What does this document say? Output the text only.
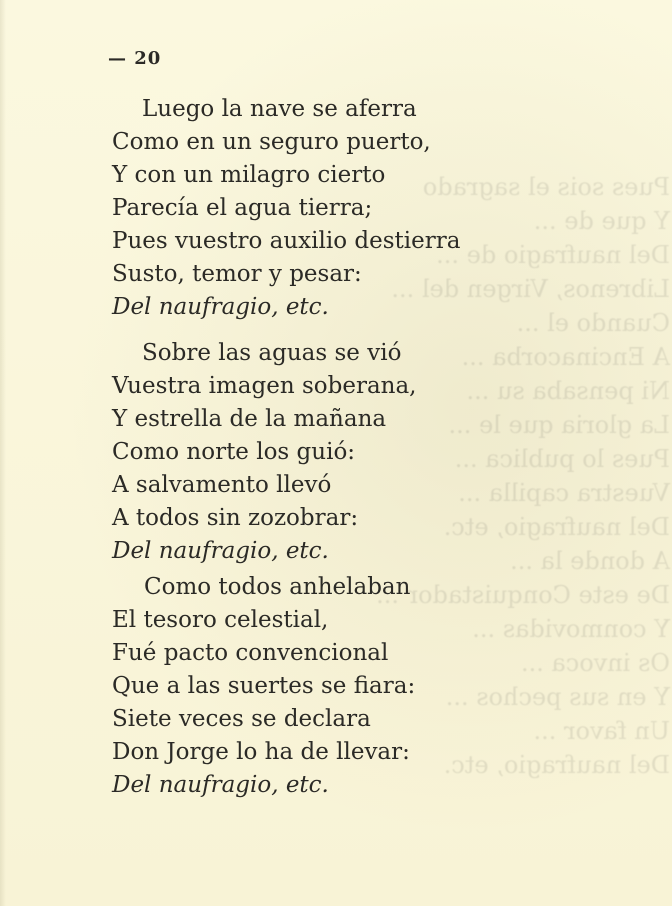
Pues sois el sagrado
Y que de ...
Del naufragio de ...
Librenos, Virgen del ...
Cuando el ...
A Encinacorba ...
Ni pensaba su ...
La gloria que le ...
Pues lo publica ...
Vuestra capilla ...
Del naufragio, etc.
A donde la ...
De este Conquistador ...
Y conmovidas ...
Os invoca ...
Y en sus pechos ...
Un favor ...
Del naufragio, etc.
— 20
Luego la nave se aferra
Como en un seguro puerto,
Y con un milagro cierto
Parecía el agua tierra;
Pues vuestro auxilio destierra
Susto, temor y pesar:
Del naufragio, etc.
Sobre las aguas se vió
Vuestra imagen soberana,
Y estrella de la mañana
Como norte los guió:
A salvamento llevó
A todos sin zozobrar:
Del naufragio, etc.
Como todos anhelaban
El tesoro celestial,
Fué pacto convencional
Que a las suertes se fiara:
Siete veces se declara
Don Jorge lo ha de llevar:
Del naufragio, etc.
